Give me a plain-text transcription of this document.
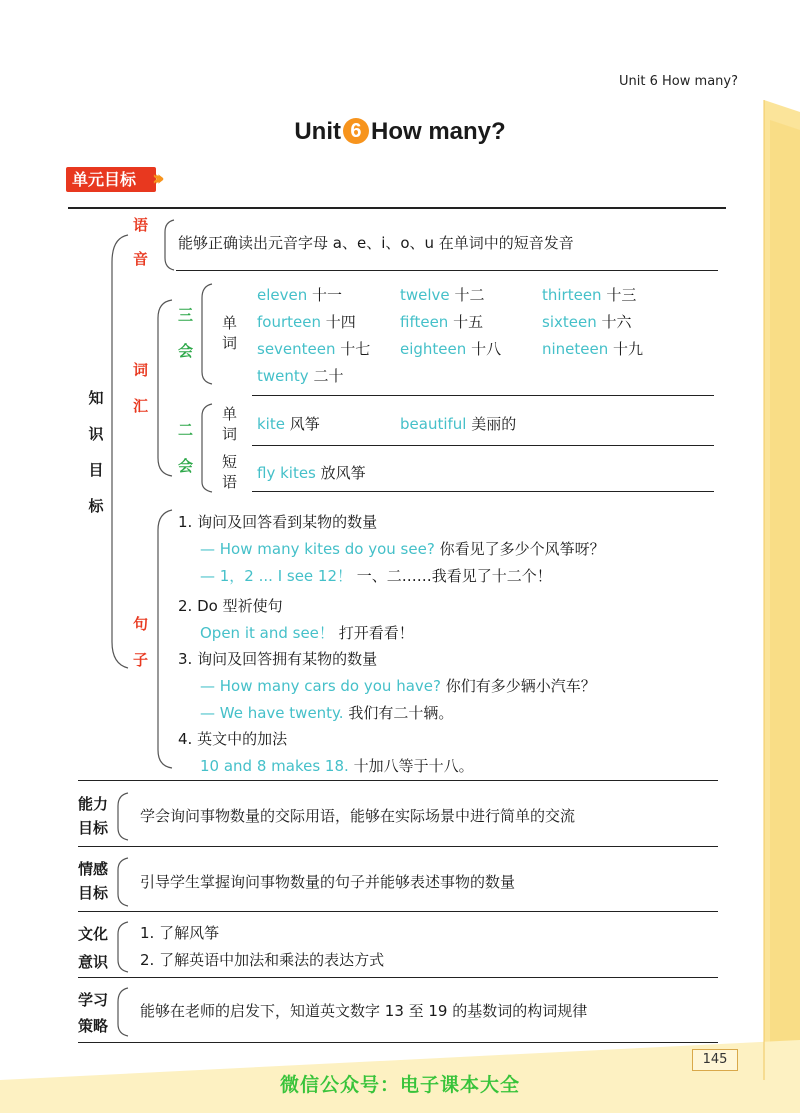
Unit 6 How many?
Unit 6 How many?
单元目标 ›››
知
识
目
标
语
音
能够正确读出元音字母 a、e、i、o、u 在单词中的短音发音
词
汇
三
会
单
词
eleven 十一	twelve 十二	thirteen 十三
fourteen 十四	fifteen 十五	sixteen 十六
seventeen 十七 eighteen 十八	nineteen 十九
twenty 二十
二
会
单
词
kite 风筝	beautiful 美丽的
短
语 fly kites 放风筝
句
子
1. 询问及回答看到某物的数量
— How many kites do you see? 你看见了多少个风筝呀？
— 1，2 ... I see 12！ 一、二……我看见了十二个！
2. Do 型祈使句
Open it and see！ 打开看看！
3. 询问及回答拥有某物的数量
— How many cars do you have? 你们有多少辆小汽车？
— We have twenty. 我们有二十辆。
4. 英文中的加法
10 and 8 makes 18. 十加八等于十八。
能力
目标
学会询问事物数量的交际用语，能够在实际场景中进行简单的交流
情感
目标
引导学生掌握询问事物数量的句子并能够表述事物的数量
文化
意识
1. 了解风筝
2. 了解英语中加法和乘法的表达方式
学习
策略
能够在老师的启发下，知道英文数字 13 至 19 的基数词的构词规律
145
微信公众号：电子课本大全
